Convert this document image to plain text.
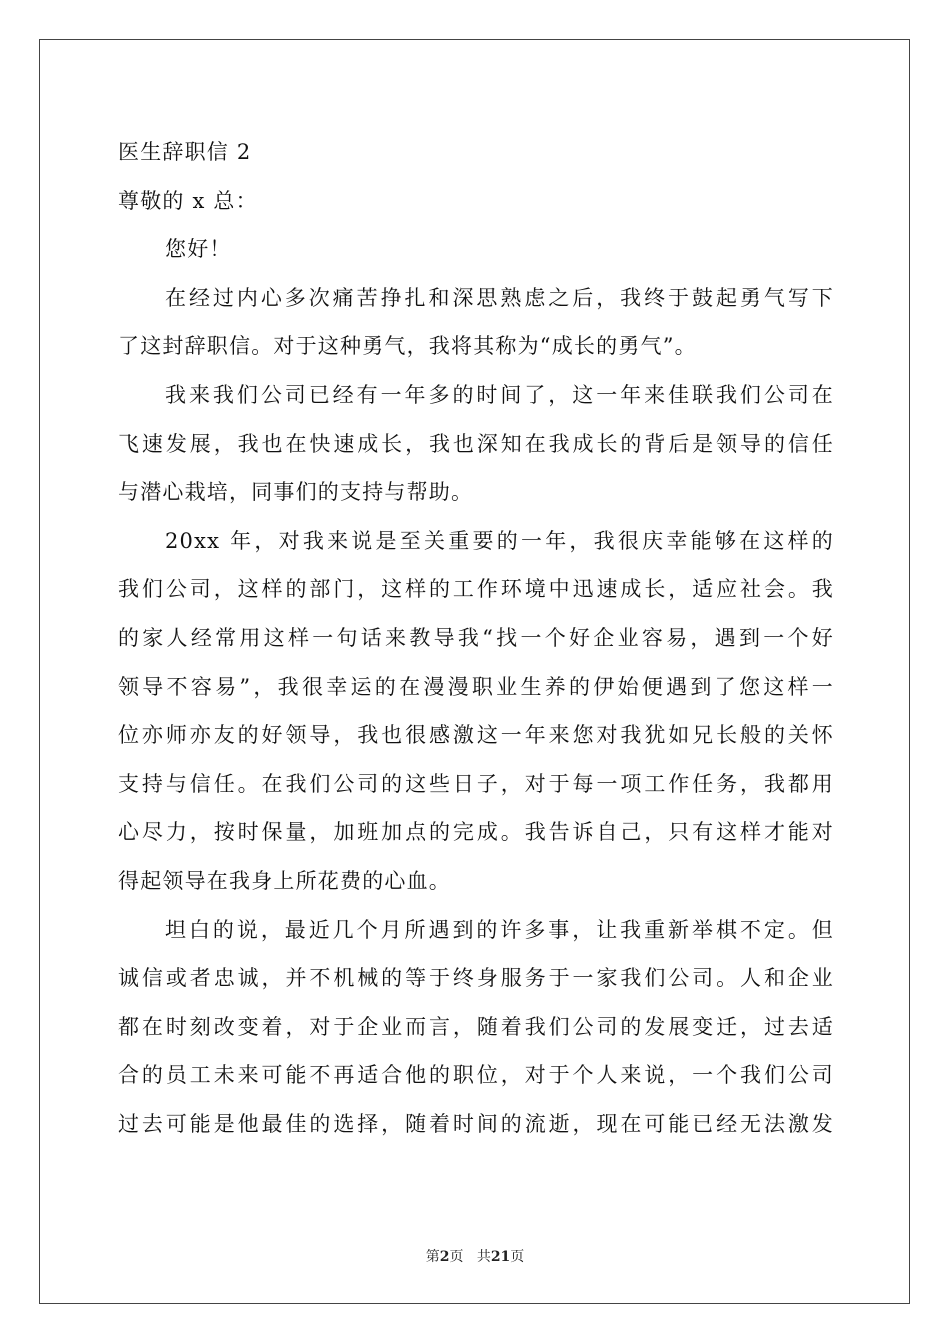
医生辞职信 2
尊敬的 x 总：
您好！
在经过内心多次痛苦挣扎和深思熟虑之后，我终于鼓起勇气写下
了这封辞职信。对于这种勇气，我将其称为“成长的勇气”。
我来我们公司已经有一年多的时间了，这一年来佳联我们公司在
飞速发展，我也在快速成长，我也深知在我成长的背后是领导的信任
与潜心栽培，同事们的支持与帮助。
20xx 年，对我来说是至关重要的一年，我很庆幸能够在这样的
我们公司，这样的部门，这样的工作环境中迅速成长，适应社会。我
的家人经常用这样一句话来教导我“找一个好企业容易，遇到一个好
领导不容易”，我很幸运的在漫漫职业生养的伊始便遇到了您这样一
位亦师亦友的好领导，我也很感激这一年来您对我犹如兄长般的关怀
支持与信任。在我们公司的这些日子，对于每一项工作任务，我都用
心尽力，按时保量，加班加点的完成。我告诉自己，只有这样才能对
得起领导在我身上所花费的心血。
坦白的说，最近几个月所遇到的许多事，让我重新举棋不定。但
诚信或者忠诚，并不机械的等于终身服务于一家我们公司。人和企业
都在时刻改变着，对于企业而言，随着我们公司的发展变迁，过去适
合的员工未来可能不再适合他的职位，对于个人来说，一个我们公司
过去可能是他最佳的选择，随着时间的流逝，现在可能已经无法激发
第2页 共21页
